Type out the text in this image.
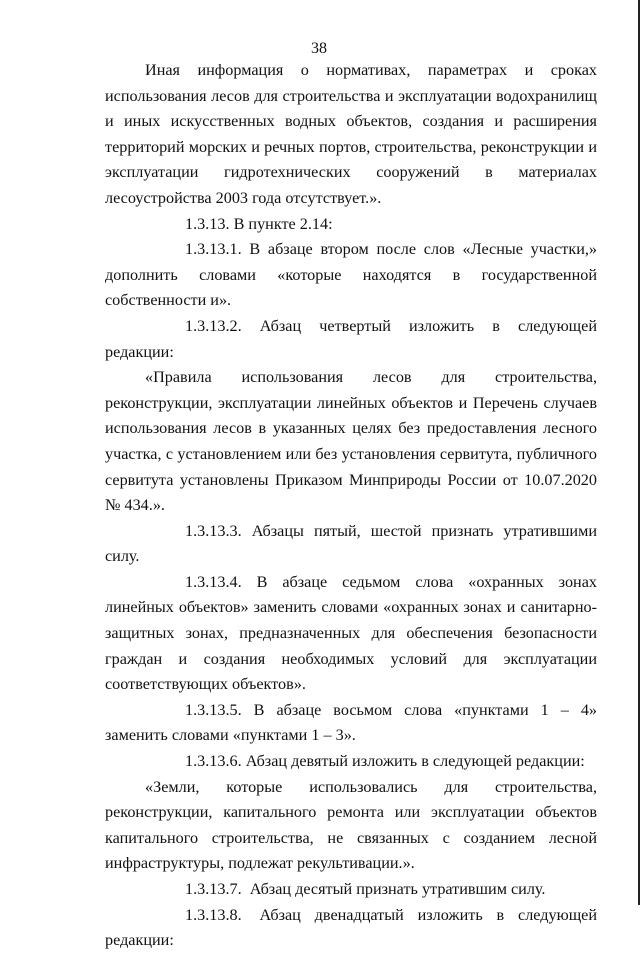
38

Иная информация о нормативах, параметрах и сроках использования лесов для строительства и эксплуатации водохранилищ и иных искусственных водных объектов, создания и расширения территорий морских и речных портов, строительства, реконструкции и эксплуатации гидротехнических сооружений в материалах лесоустройства 2003 года отсутствует.».

1.3.13. В пункте 2.14:

1.3.13.1. В абзаце втором после слов «Лесные участки,» дополнить словами «которые находятся в государственной собственности и».

1.3.13.2. Абзац четвертый изложить в следующей редакции:

«Правила использования лесов для строительства, реконструкции, эксплуатации линейных объектов и Перечень случаев использования лесов в указанных целях без предоставления лесного участка, с установлением или без установления сервитута, публичного сервитута установлены Приказом Минприроды России от 10.07.2020 № 434.».

1.3.13.3. Абзацы пятый, шестой признать утратившими силу.

1.3.13.4. В абзаце седьмом слова «охранных зонах линейных объектов» заменить словами «охранных зонах и санитарно-защитных зонах, предназначенных для обеспечения безопасности граждан и создания необходимых условий для эксплуатации соответствующих объектов».

1.3.13.5. В абзаце восьмом слова «пунктами 1 – 4» заменить словами «пунктами 1 – 3».

1.3.13.6. Абзац девятый изложить в следующей редакции:

«Земли, которые использовались для строительства, реконструкции, капитального ремонта или эксплуатации объектов капитального строительства, не связанных с созданием лесной инфраструктуры, подлежат рекультивации.».

1.3.13.7. Абзац десятый признать утратившим силу.

1.3.13.8. Абзац двенадцатый изложить в следующей редакции:
